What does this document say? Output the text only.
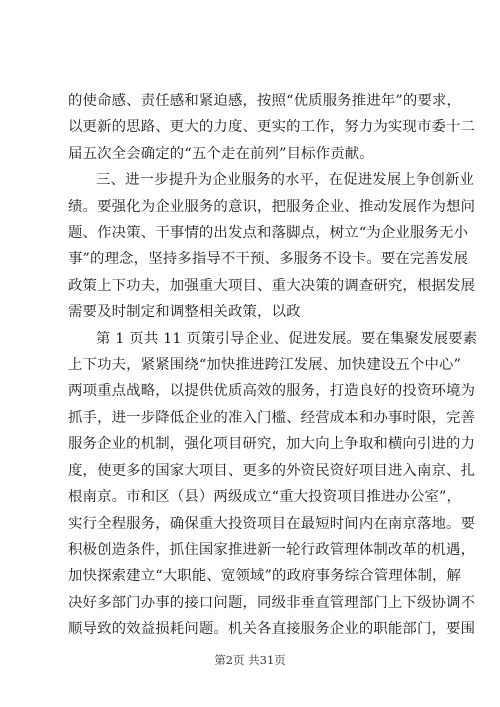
的使命感、责任感和紧迫感，按照“优质服务推进年”的要求，
以更新的思路、更大的力度、更实的工作，努力为实现市委十二
届五次全会确定的“五个走在前列”目标作贡献。

三、进一步提升为企业服务的水平，在促进发展上争创新业
绩。要强化为企业服务的意识，把服务企业、推动发展作为想问
题、作决策、干事情的出发点和落脚点，树立“为企业服务无小
事”的理念，坚持多指导不干预、多服务不设卡。要在完善发展
政策上下功夫，加强重大项目、重大决策的调查研究，根据发展
需要及时制定和调整相关政策，以政

第 1 页共 11 页策引导企业、促进发展。要在集聚发展要素
上下功夫，紧紧围绕“加快推进跨江发展、加快建设五个中心”
两项重点战略，以提供优质高效的服务，打造良好的投资环境为
抓手，进一步降低企业的准入门槛、经营成本和办事时限，完善
服务企业的机制，强化项目研究，加大向上争取和横向引进的力
度，使更多的国家大项目、更多的外资民资好项目进入南京、扎
根南京。市和区（县）两级成立“重大投资项目推进办公室”，
实行全程服务，确保重大投资项目在最短时间内在南京落地。要
积极创造条件，抓住国家推进新一轮行政管理体制改革的机遇，
加快探索建立“大职能、宽领域”的政府事务综合管理体制，解
决好多部门办事的接口问题，同级非垂直管理部门上下级协调不
顺导致的效益损耗问题。机关各直接服务企业的职能部门，要围

第2页 共31页
